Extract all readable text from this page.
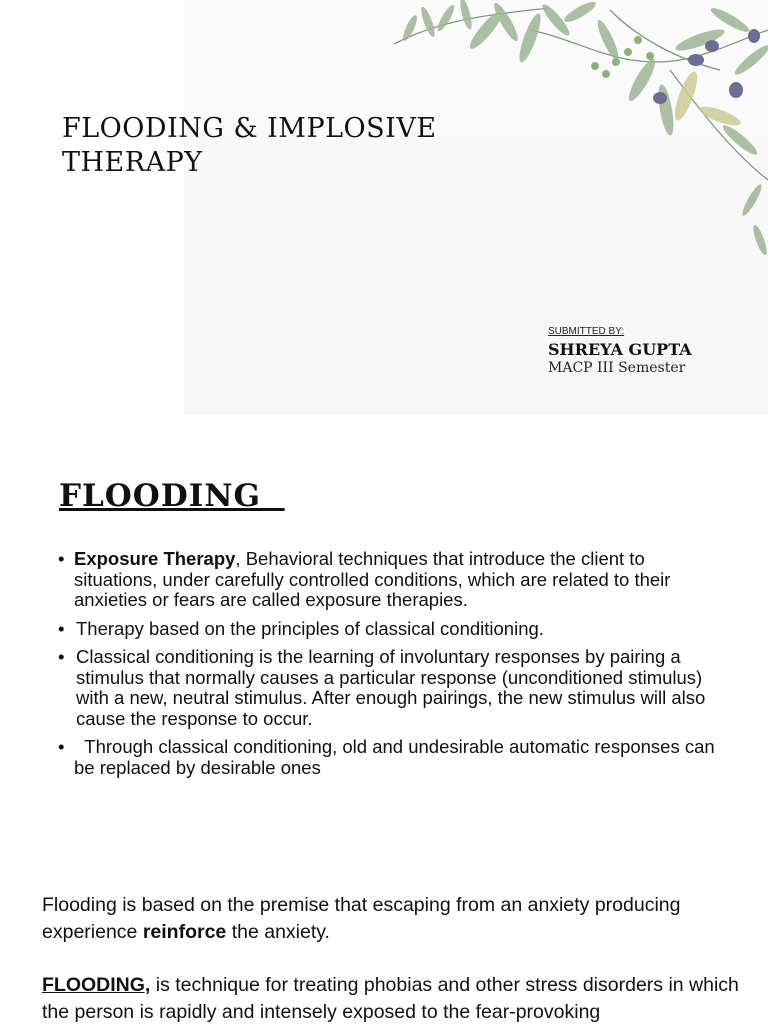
FLOODING & IMPLOSIVE THERAPY
SUBMITTED BY:
SHREYA GUPTA
MACP III Semester
FLOODING
• Exposure Therapy, Behavioral techniques that introduce the client to situations, under carefully controlled conditions, which are related to their anxieties or fears are called exposure therapies.
• Therapy based on the principles of classical conditioning.
• Classical conditioning is the learning of involuntary responses by pairing a stimulus that normally causes a particular response (unconditioned stimulus) with a new, neutral stimulus. After enough pairings, the new stimulus will also cause the response to occur.
• Through classical conditioning, old and undesirable automatic responses can be replaced by desirable ones

Flooding is based on the premise that escaping from an anxiety producing experience reinforce the anxiety.

FLOODING, is technique for treating phobias and other stress disorders in which the person is rapidly and intensely exposed to the fear-provoking
